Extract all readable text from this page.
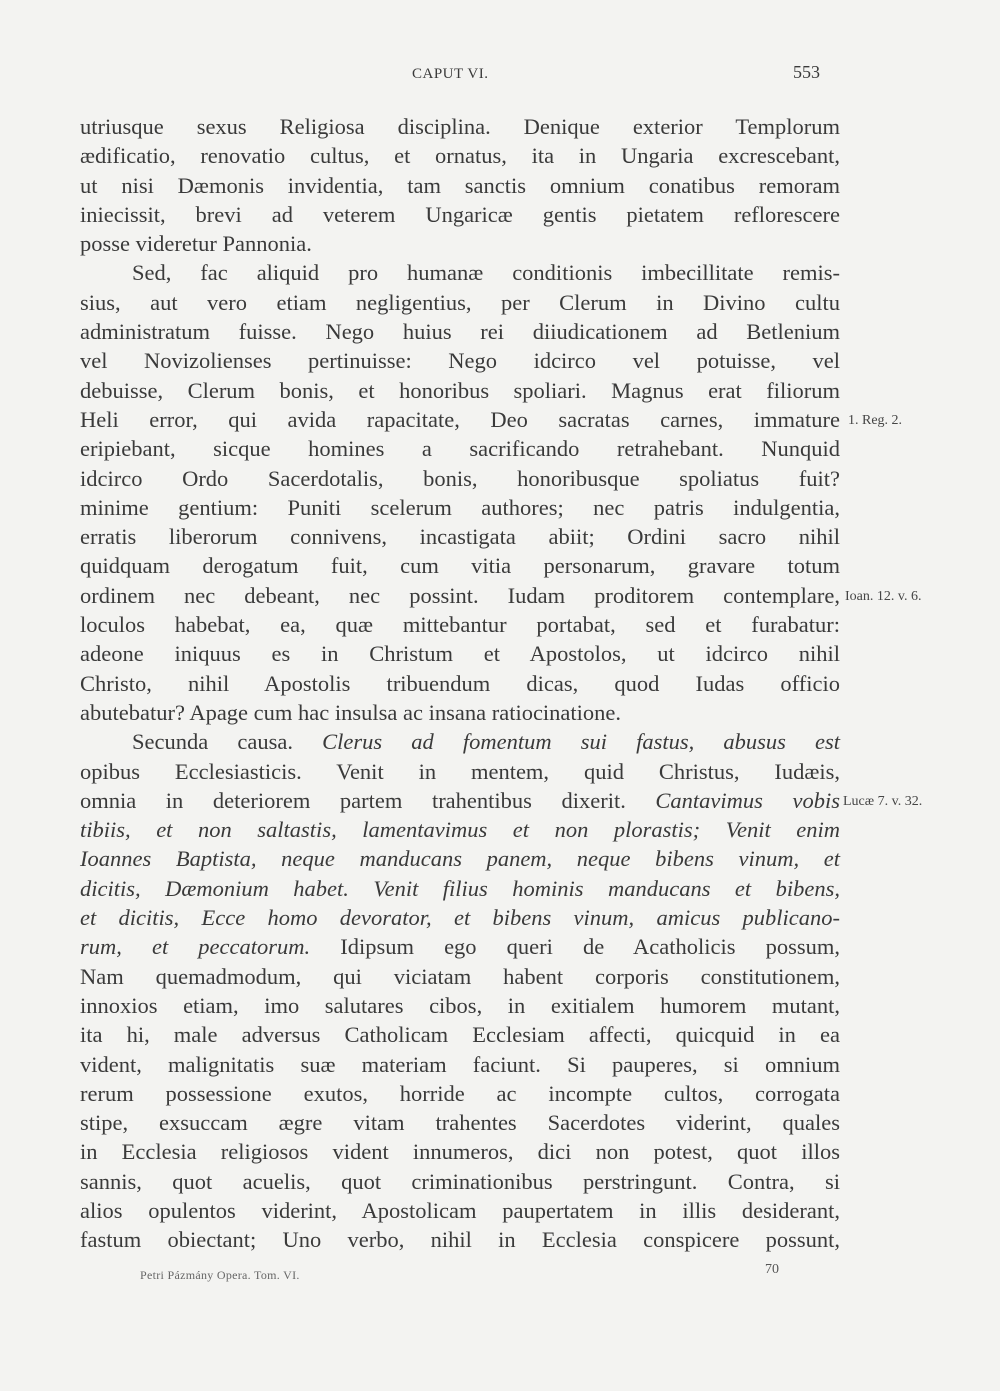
CAPUT VI.	553
utriusque sexus Religiosa disciplina. Denique exterior Templorum
ædificatio, renovatio cultus, et ornatus, ita in Ungaria excrescebant,
ut nisi Dæmonis invidentia, tam sanctis omnium conatibus remoram
iniecissit, brevi ad veterem Ungaricæ gentis pietatem reflorescere
posse videretur Pannonia.
Sed, fac aliquid pro humanæ conditionis imbecillitate remis-
sius, aut vero etiam negligentius, per Clerum in Divino cultu
administratum fuisse. Nego huius rei diiudicationem ad Betlenium
vel Novizolienses pertinuisse: Nego idcirco vel potuisse, vel
debuisse, Clerum bonis, et honoribus spoliari. Magnus erat filiorum
Heli error, qui avida rapacitate, Deo sacratas carnes, immature
eripiebant, sicque homines a sacrificando retrahebant. Nunquid
idcirco Ordo Sacerdotalis, bonis, honoribusque spoliatus fuit?
minime gentium: Puniti scelerum authores; nec patris indulgentia,
erratis liberorum connivens, incastigata abiit; Ordini sacro nihil
quidquam derogatum fuit, cum vitia personarum, gravare totum
ordinem nec debeant, nec possint. Iudam proditorem contemplare,
loculos habebat, ea, quæ mittebantur portabat, sed et furabatur:
adeone iniquus es in Christum et Apostolos, ut idcirco nihil
Christo, nihil Apostolis tribuendum dicas, quod Iudas officio
abutebatur? Apage cum hac insulsa ac insana ratiocinatione.
Secunda causa. Clerus ad fomentum sui fastus, abusus est
opibus Ecclesiasticis. Venit in mentem, quid Christus, Iudæis,
omnia in deteriorem partem trahentibus dixerit. Cantavimus vobis
tibiis, et non saltastis, lamentavimus et non plorastis; Venit enim
Ioannes Baptista, neque manducans panem, neque bibens vinum, et
dicitis, Dæmonium habet. Venit filius hominis manducans et bibens,
et dicitis, Ecce homo devorator, et bibens vinum, amicus publicano-
rum, et peccatorum. Idipsum ego queri de Acatholicis possum,
Nam quemadmodum, qui viciatam habent corporis constitutionem,
innoxios etiam, imo salutares cibos, in exitialem humorem mutant,
ita hi, male adversus Catholicam Ecclesiam affecti, quicquid in ea
vident, malignitatis suæ materiam faciunt. Si pauperes, si omnium
rerum possessione exutos, horride ac incompte cultos, corrogata
stipe, exsuccam ægre vitam trahentes Sacerdotes viderint, quales
in Ecclesia religiosos vident innumeros, dici non potest, quot illos
sannis, quot acuelis, quot criminationibus perstringunt. Contra, si
alios opulentos viderint, Apostolicam paupertatem in illis desiderant,
fastum obiectant; Uno verbo, nihil in Ecclesia conspicere possunt,
1. Reg. 2.
Ioan. 12. v. 6.
Lucæ 7. v. 32.
Petri Pázmány Opera. Tom. VI.	70
